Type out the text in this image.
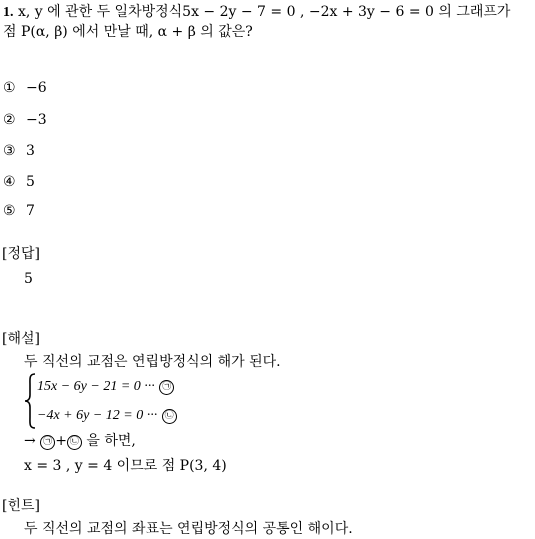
1. x, y 에 관한 두 일차방정식5x − 2y − 7 = 0 , −2x + 3y − 6 = 0 의 그래프가
점 P(α, β) 에서 만날 때, α + β 의 값은?
① −6
② −3
③ 3
④ 5
⑤ 7
[정답]
5
[해설]
두 직선의 교점은 연립방정식의 해가 된다.
15x − 6y − 21 = 0 ··· ㉠
−4x + 6y − 12 = 0 ··· ㉡
→ ㉠ + ㉡ 을 하면,
x = 3 , y = 4 이므로 점 P(3, 4)
[힌트]
두 직선의 교점의 좌표는 연립방정식의 공통인 해이다.
